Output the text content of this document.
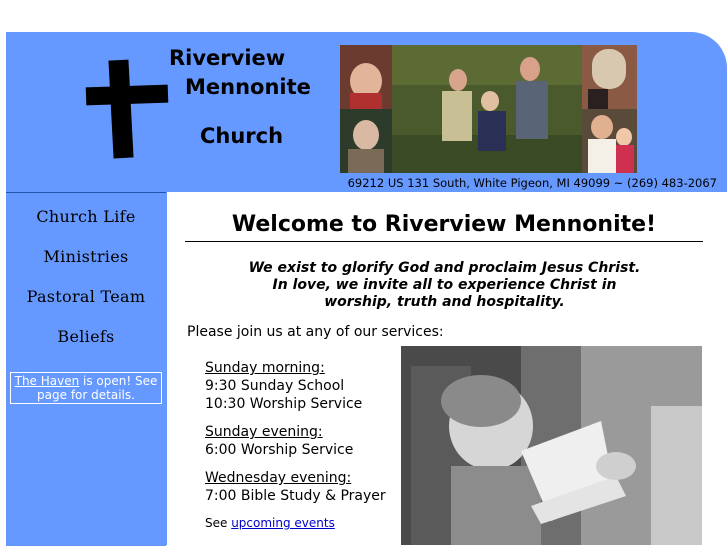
Riverview
Mennonite
Church
69212 US 131 South, White Pigeon, MI 49099 ~ (269) 483-2067
Church Life
Ministries
Pastoral Team
Beliefs
The Haven is open! See page for details.
Welcome to Riverview Mennonite!
We exist to glorify God and proclaim Jesus Christ.
In love, we invite all to experience Christ in
worship, truth and hospitality.
Please join us at any of our services:
Sunday morning:
9:30 Sunday School
10:30 Worship Service
Sunday evening:
6:00 Worship Service
Wednesday evening:
7:00 Bible Study & Prayer
See upcoming events
